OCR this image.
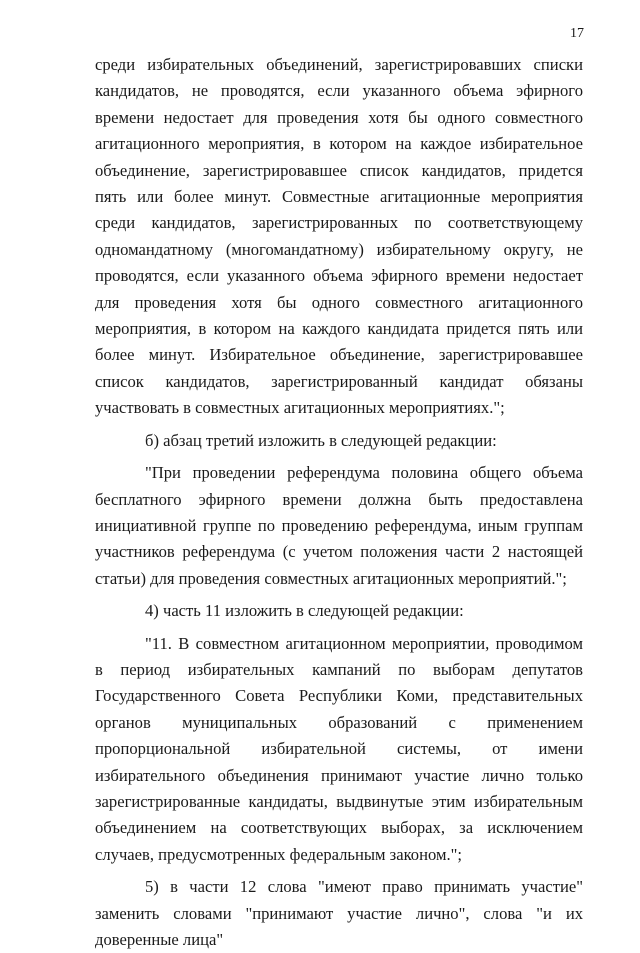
17

среди избирательных объединений, зарегистрировавших списки кандидатов, не проводятся, если указанного объема эфирного времени недостает для проведения хотя бы одного совместного агитационного мероприятия, в котором на каждое избирательное объединение, зарегистрировавшее список кандидатов, придется пять или более минут. Совместные агитационные мероприятия среди кандидатов, зарегистрированных по соответствующему одномандатному (многомандатному) избирательному округу, не проводятся, если указанного объема эфирного времени недостает для проведения хотя бы одного совместного агитационного мероприятия, в котором на каждого кандидата придется пять или более минут. Избирательное объединение, зарегистрировавшее список кандидатов, зарегистрированный кандидат обязаны участвовать в совместных агитационных мероприятиях.";

б) абзац третий изложить в следующей редакции:

"При проведении референдума половина общего объема бесплатного эфирного времени должна быть предоставлена инициативной группе по проведению референдума, иным группам участников референдума (с учетом положения части 2 настоящей статьи) для проведения совместных агитационных мероприятий.";

4) часть 11 изложить в следующей редакции:

"11. В совместном агитационном мероприятии, проводимом в период избирательных кампаний по выборам депутатов Государственного Совета Республики Коми, представительных органов муниципальных образований с применением пропорциональной избирательной системы, от имени избирательного объединения принимают участие лично только зарегистрированные кандидаты, выдвинутые этим избирательным объединением на соответствующих выборах, за исключением случаев, предусмотренных федеральным законом.";

5) в части 12 слова "имеют право принимать участие" заменить словами "принимают участие лично", слова "и их доверенные лица"
